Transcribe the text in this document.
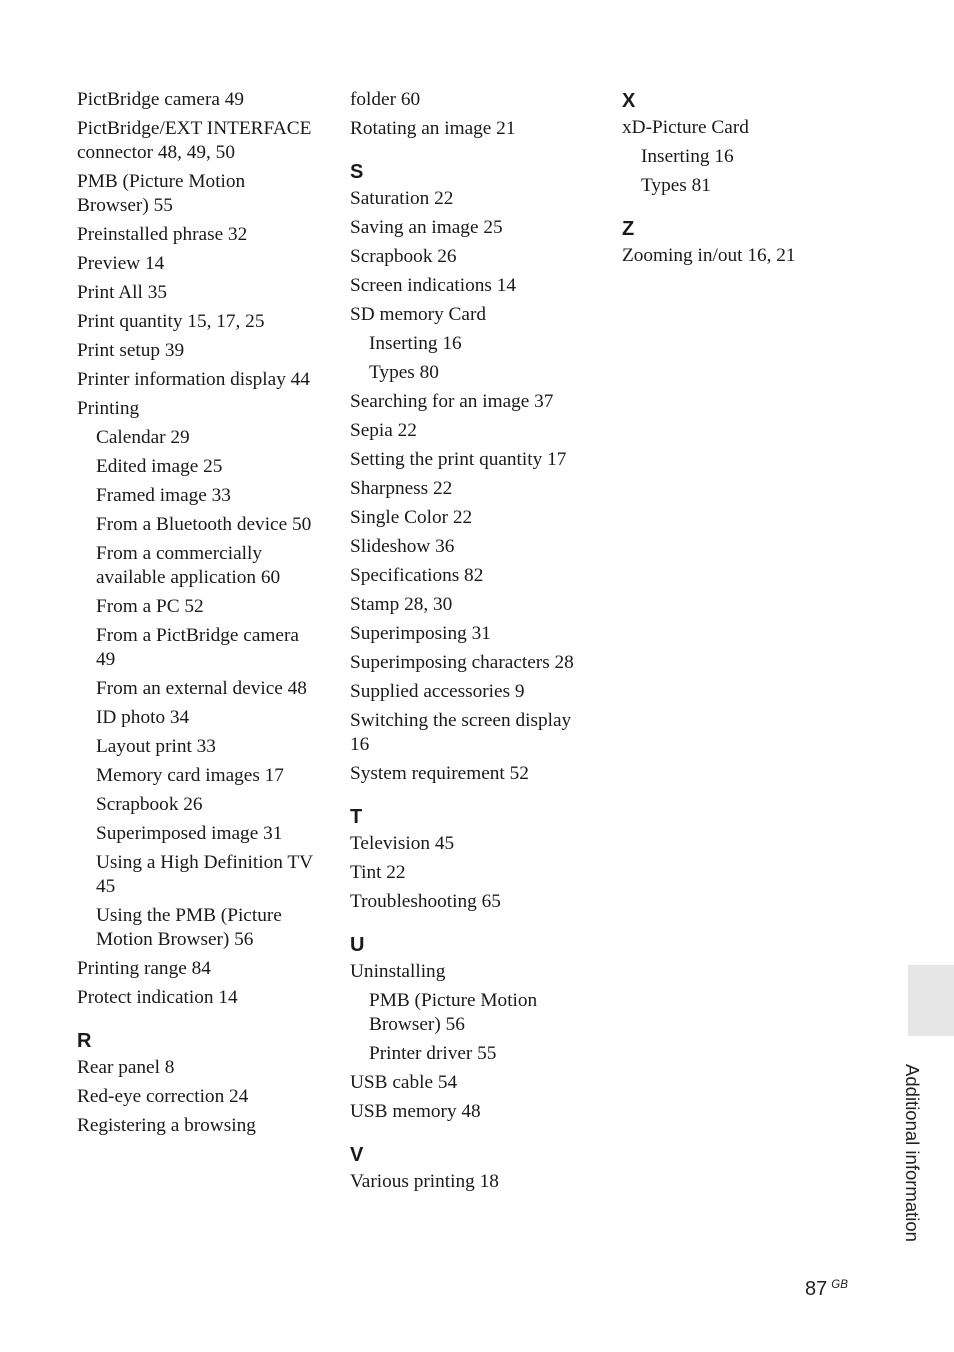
PictBridge camera 49
PictBridge/EXT INTERFACE connector 48, 49, 50
PMB (Picture Motion Browser) 55
Preinstalled phrase 32
Preview 14
Print All 35
Print quantity 15, 17, 25
Print setup 39
Printer information display 44
Printing
Calendar 29
Edited image 25
Framed image 33
From a Bluetooth device 50
From a commercially available application 60
From a PC 52
From a PictBridge camera 49
From an external device 48
ID photo 34
Layout print 33
Memory card images 17
Scrapbook 26
Superimposed image 31
Using a High Definition TV 45
Using the PMB (Picture Motion Browser) 56
Printing range 84
Protect indication 14
R
Rear panel 8
Red-eye correction 24
Registering a browsing
folder 60
Rotating an image 21
S
Saturation 22
Saving an image 25
Scrapbook 26
Screen indications 14
SD memory Card
Inserting 16
Types 80
Searching for an image 37
Sepia 22
Setting the print quantity 17
Sharpness 22
Single Color 22
Slideshow 36
Specifications 82
Stamp 28, 30
Superimposing 31
Superimposing characters 28
Supplied accessories 9
Switching the screen display 16
System requirement 52
T
Television 45
Tint 22
Troubleshooting 65
U
Uninstalling
PMB (Picture Motion Browser) 56
Printer driver 55
USB cable 54
USB memory 48
V
Various printing 18
X
xD-Picture Card
Inserting 16
Types 81
Z
Zooming in/out 16, 21
Additional information
87 $^{GB}$
